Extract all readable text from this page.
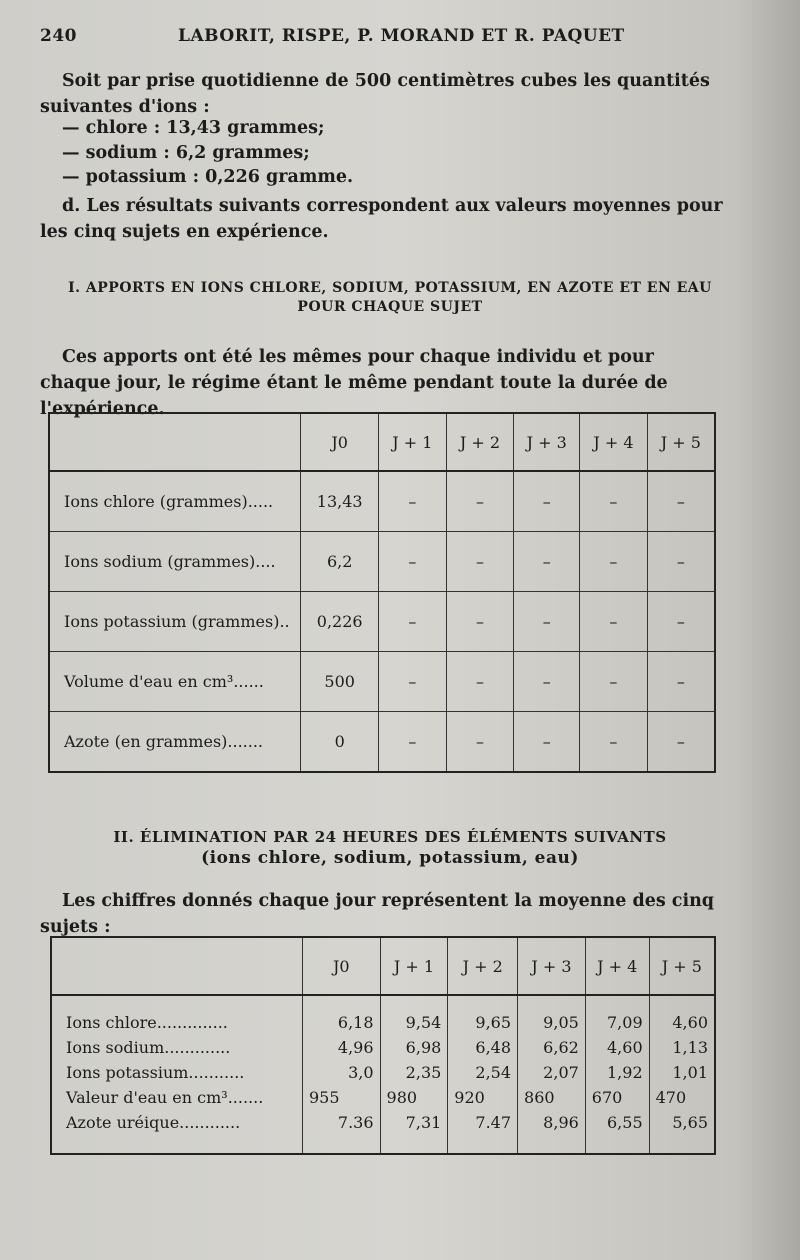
240	LABORIT, RISPE, P. MORAND ET R. PAQUET
Soit par prise quotidienne de 500 centimètres cubes les quantités suivantes d'ions :
— chlore : 13,43 grammes;
— sodium : 6,2 grammes;
— potassium : 0,226 gramme.
d. Les résultats suivants correspondent aux valeurs moyennes pour les cinq sujets en expérience.
I. APPORTS EN IONS CHLORE, SODIUM, POTASSIUM, EN AZOTE ET EN EAU
POUR CHAQUE SUJET
Ces apports ont été les mêmes pour chaque individu et pour chaque jour, le régime étant le même pendant toute la durée de l'expérience.
	J0	J + 1	J + 2	J + 3	J + 4	J + 5
Ions chlore (grammes).....	13,43	–	–	–	–	–
Ions sodium (grammes)....	6,2	–	–	–	–	–
Ions potassium (grammes)..	0,226	–	–	–	–	–
Volume d'eau en cm³......	500	–	–	–	–	–
Azote (en grammes).......	0	–	–	–	–	–
II. ÉLIMINATION PAR 24 HEURES DES ÉLÉMENTS SUIVANTS
(ions chlore, sodium, potassium, eau)
Les chiffres donnés chaque jour représentent la moyenne des cinq sujets :
	J0	J + 1	J + 2	J + 3	J + 4	J + 5
Ions chlore..............	6,18	9,54	9,65	9,05	7,09	4,60
Ions sodium.............	4,96	6,98	6,48	6,62	4,60	1,13
Ions potassium...........	3,0	2,35	2,54	2,07	1,92	1,01
Valeur d'eau en cm³.......	955	980	920	860	670	470
Azote uréique............	7.36	7,31	7.47	8,96	6,55	5,65
